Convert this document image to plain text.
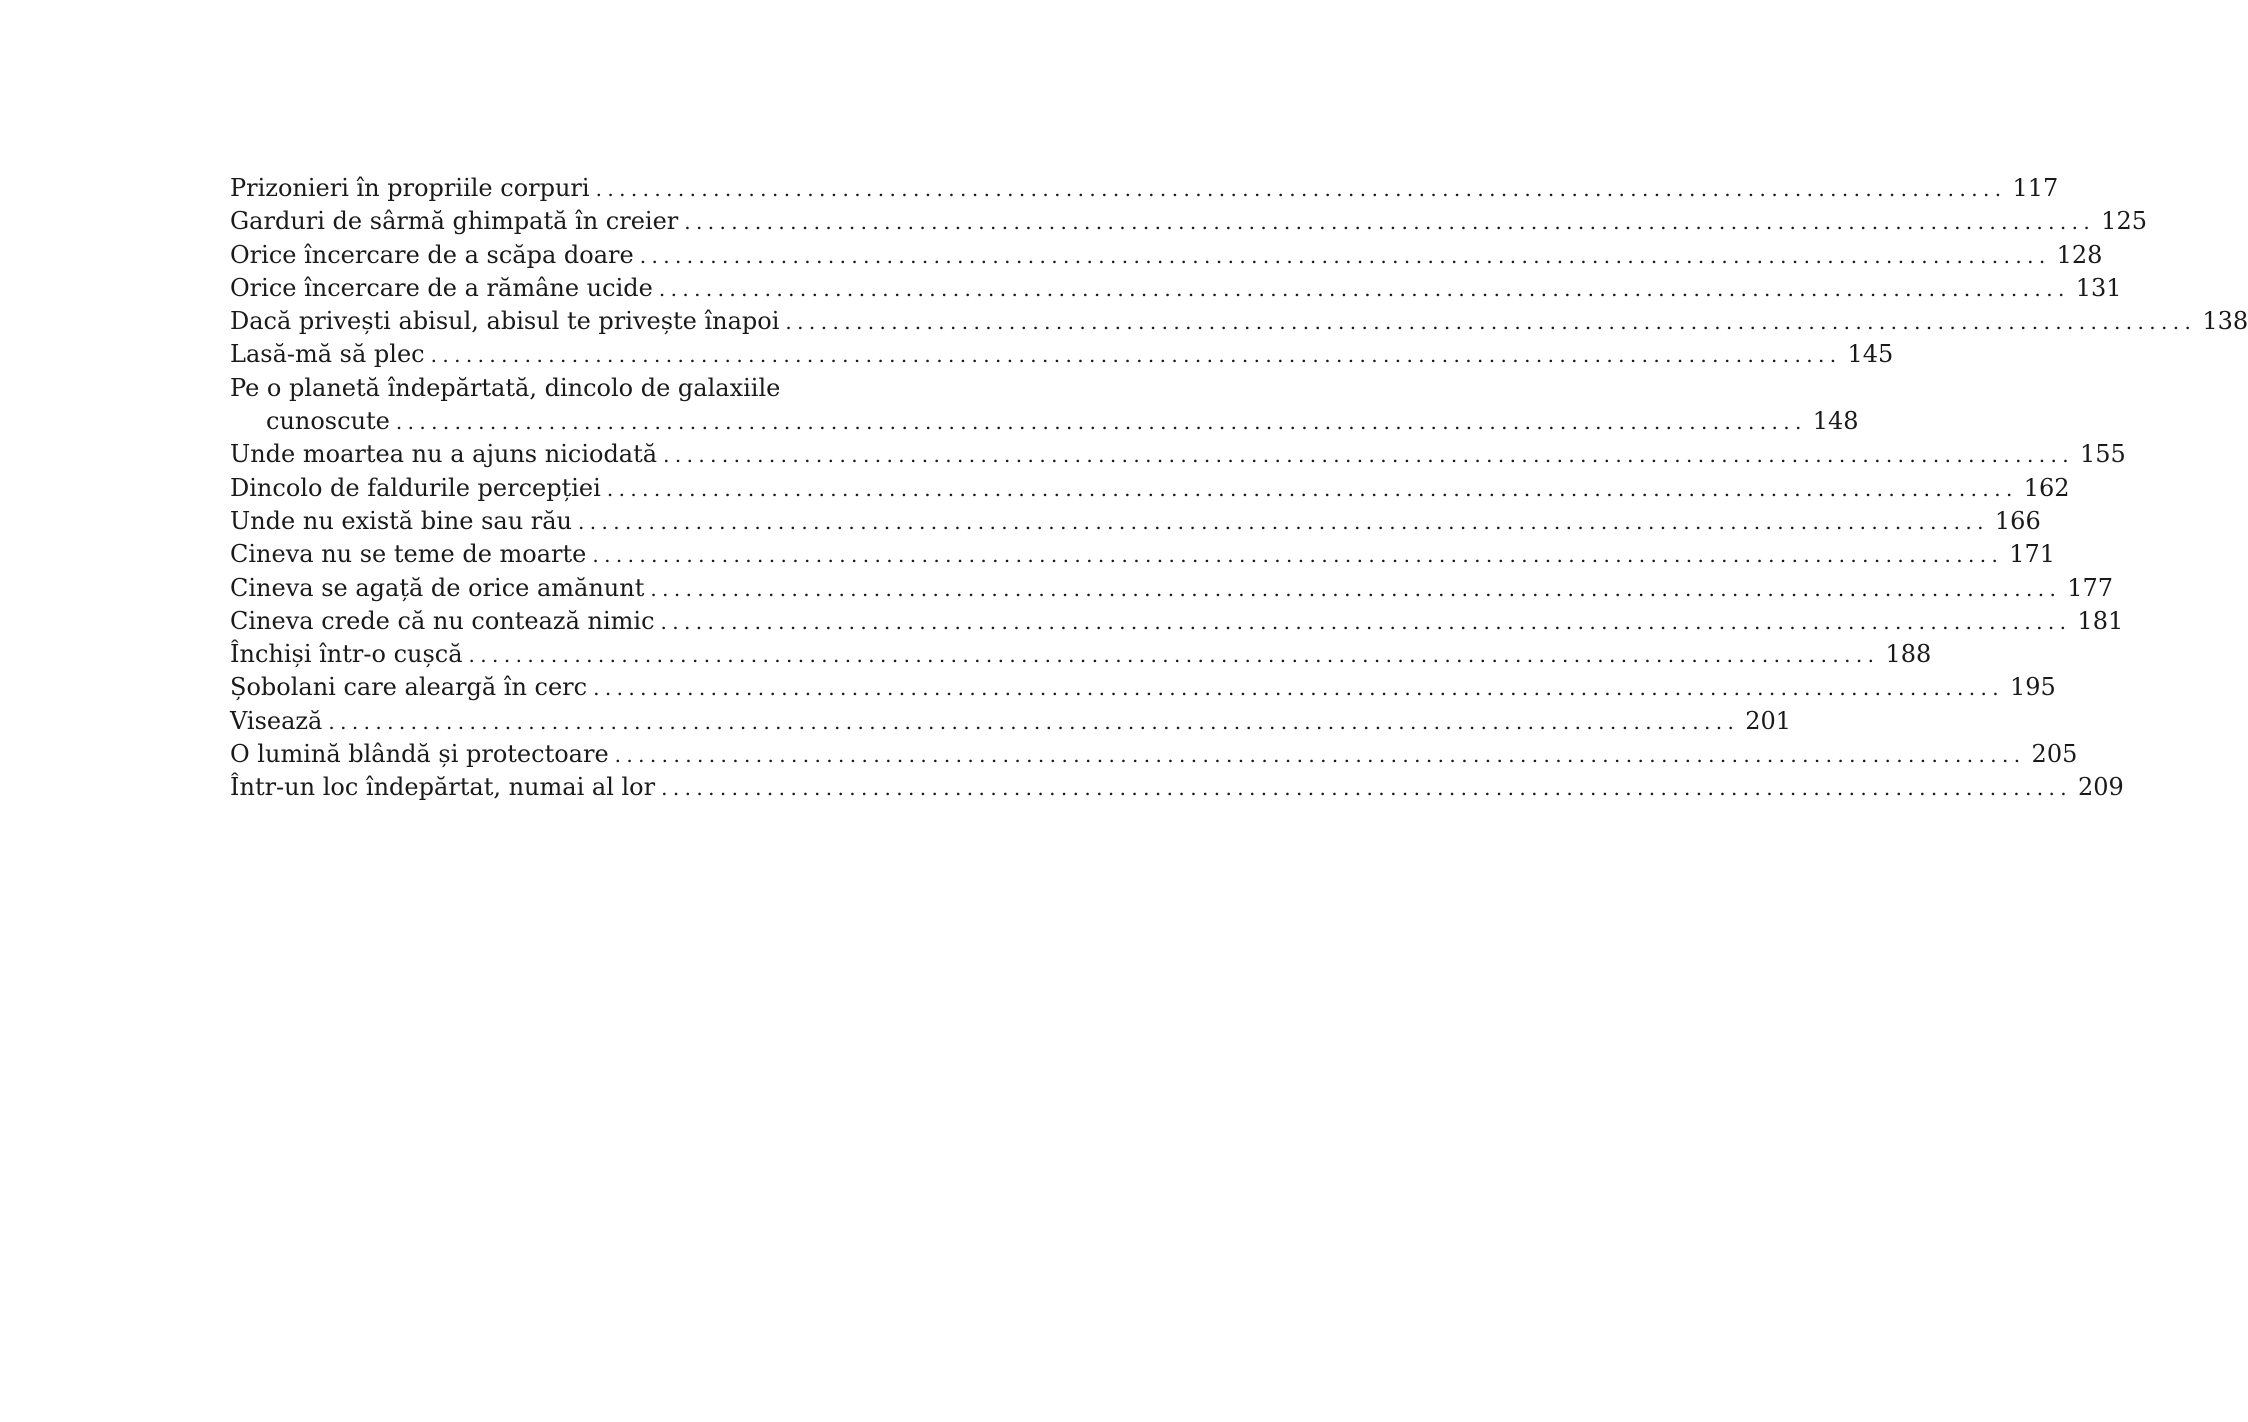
Prizonieri în propriile corpuri ........................................................................................................................ 117
Garduri de sârmă ghimpată în creier ........................................................................................................................ 125
Orice încercare de a scăpa doare ........................................................................................................................ 128
Orice încercare de a rămâne ucide ........................................................................................................................ 131
Dacă privești abisul, abisul te privește înapoi ........................................................................................................................ 138
Lasă-mă să plec ........................................................................................................................ 145
Pe o planetă îndepărtată, dincolo de galaxiile
cunoscute ........................................................................................................................ 148
Unde moartea nu a ajuns niciodată ........................................................................................................................ 155
Dincolo de faldurile percepției ........................................................................................................................ 162
Unde nu există bine sau rău ........................................................................................................................ 166
Cineva nu se teme de moarte ........................................................................................................................ 171
Cineva se agață de orice amănunt ........................................................................................................................ 177
Cineva crede că nu contează nimic ........................................................................................................................ 181
Închiși într-o cușcă ........................................................................................................................ 188
Șobolani care aleargă în cerc ........................................................................................................................ 195
Visează ........................................................................................................................ 201
O lumină blândă și protectoare ........................................................................................................................ 205
Într-un loc îndepărtat, numai al lor ........................................................................................................................ 209
